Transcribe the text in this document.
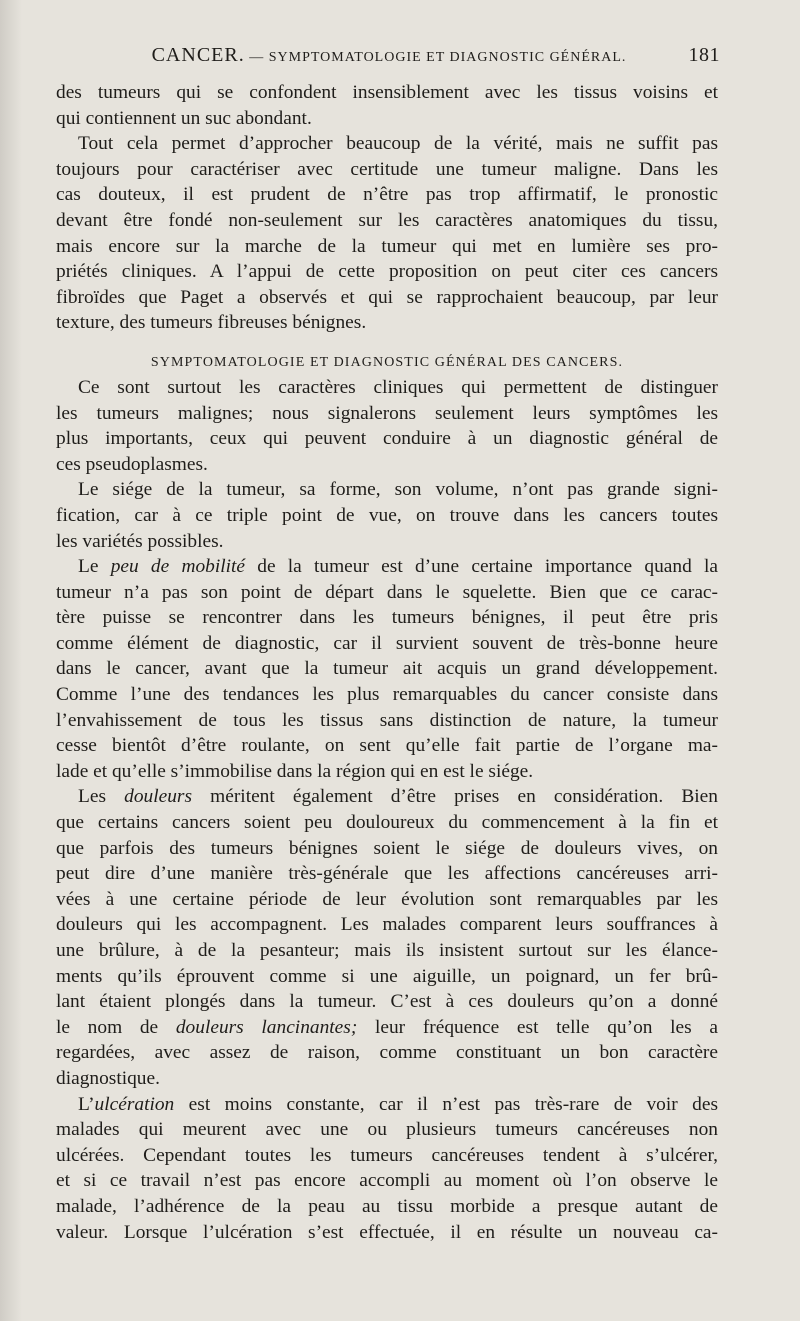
CANCER. — SYMPTOMATOLOGIE ET DIAGNOSTIC GÉNÉRAL.	181
des tumeurs qui se confondent insensiblement avec les tissus voisins et
qui contiennent un suc abondant.
Tout cela permet d’approcher beaucoup de la vérité, mais ne suffit pas
toujours pour caractériser avec certitude une tumeur maligne. Dans les
cas douteux, il est prudent de n’être pas trop affirmatif, le pronostic
devant être fondé non-seulement sur les caractères anatomiques du tissu,
mais encore sur la marche de la tumeur qui met en lumière ses pro-
priétés cliniques. A l’appui de cette proposition on peut citer ces cancers
fibroïdes que Paget a observés et qui se rapprochaient beaucoup, par leur
texture, des tumeurs fibreuses bénignes.
SYMPTOMATOLOGIE ET DIAGNOSTIC GÉNÉRAL DES CANCERS.
Ce sont surtout les caractères cliniques qui permettent de distinguer
les tumeurs malignes; nous signalerons seulement leurs symptômes les
plus importants, ceux qui peuvent conduire à un diagnostic général de
ces pseudoplasmes.
Le siége de la tumeur, sa forme, son volume, n’ont pas grande signi-
fication, car à ce triple point de vue, on trouve dans les cancers toutes
les variétés possibles.
Le peu de mobilité de la tumeur est d’une certaine importance quand la
tumeur n’a pas son point de départ dans le squelette. Bien que ce carac-
tère puisse se rencontrer dans les tumeurs bénignes, il peut être pris
comme élément de diagnostic, car il survient souvent de très-bonne heure
dans le cancer, avant que la tumeur ait acquis un grand développement.
Comme l’une des tendances les plus remarquables du cancer consiste dans
l’envahissement de tous les tissus sans distinction de nature, la tumeur
cesse bientôt d’être roulante, on sent qu’elle fait partie de l’organe ma-
lade et qu’elle s’immobilise dans la région qui en est le siége.
Les douleurs méritent également d’être prises en considération. Bien
que certains cancers soient peu douloureux du commencement à la fin et
que parfois des tumeurs bénignes soient le siége de douleurs vives, on
peut dire d’une manière très-générale que les affections cancéreuses arri-
vées à une certaine période de leur évolution sont remarquables par les
douleurs qui les accompagnent. Les malades comparent leurs souffrances à
une brûlure, à de la pesanteur; mais ils insistent surtout sur les élance-
ments qu’ils éprouvent comme si une aiguille, un poignard, un fer brû-
lant étaient plongés dans la tumeur. C’est à ces douleurs qu’on a donné
le nom de douleurs lancinantes; leur fréquence est telle qu’on les a
regardées, avec assez de raison, comme constituant un bon caractère
diagnostique.
L’ulcération est moins constante, car il n’est pas très-rare de voir des
malades qui meurent avec une ou plusieurs tumeurs cancéreuses non
ulcérées. Cependant toutes les tumeurs cancéreuses tendent à s’ulcérer,
et si ce travail n’est pas encore accompli au moment où l’on observe le
malade, l’adhérence de la peau au tissu morbide a presque autant de
valeur. Lorsque l’ulcération s’est effectuée, il en résulte un nouveau ca-
